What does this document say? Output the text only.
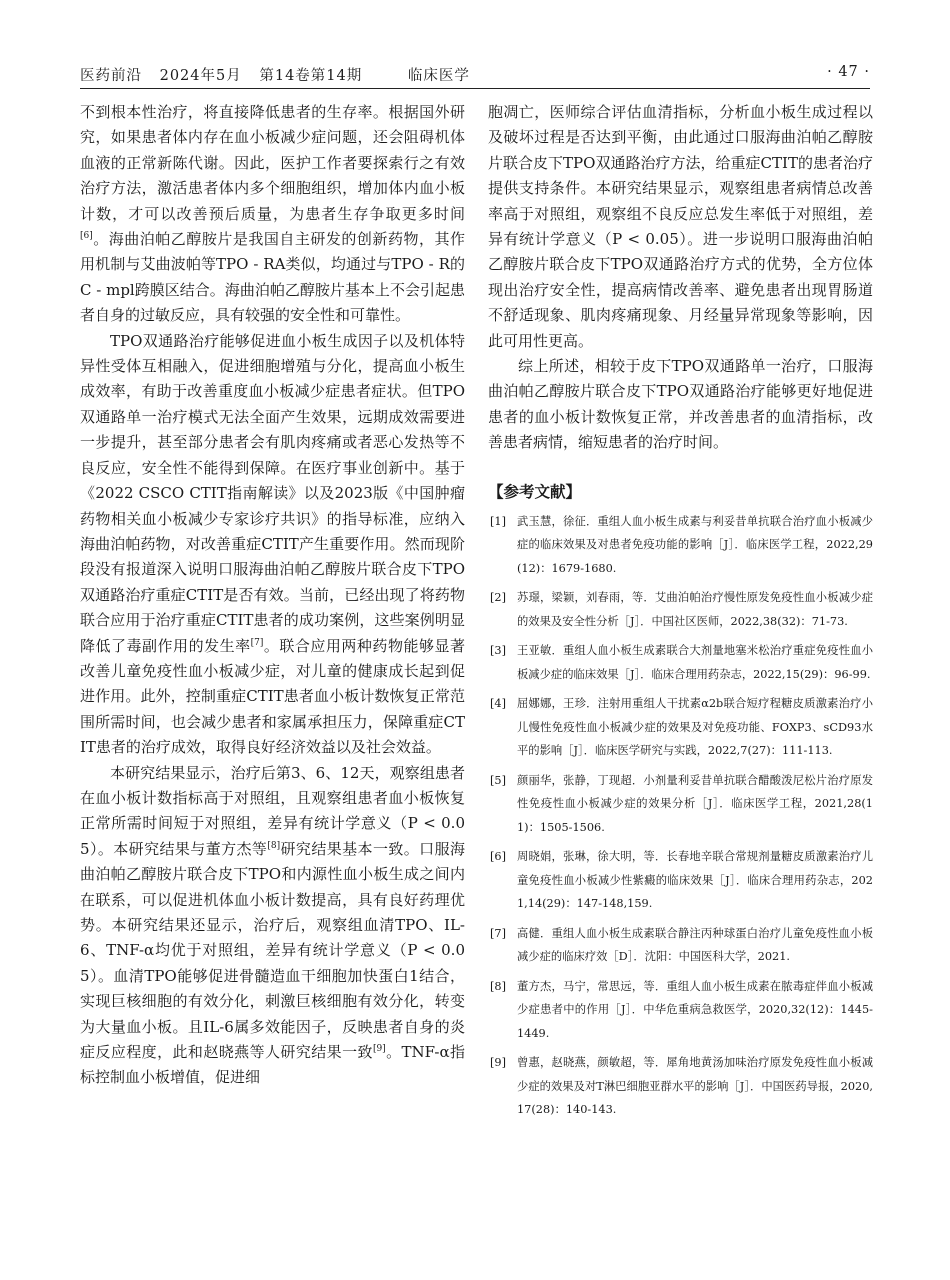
医药前沿 2024年5月 第14卷第14期	临床医学	· 47 ·

不到根本性治疗，将直接降低患者的生存率。根据国外研究，如果患者体内存在血小板减少症问题，还会阻碍机体血液的正常新陈代谢。因此，医护工作者要探索行之有效治疗方法，激活患者体内多个细胞组织，增加体内血小板计数，才可以改善预后质量，为患者生存争取更多时间[6]。海曲泊帕乙醇胺片是我国自主研发的创新药物，其作用机制与艾曲波帕等TPO - RA类似，均通过与TPO - R的C - mpl跨膜区结合。海曲泊帕乙醇胺片基本上不会引起患者自身的过敏反应，具有较强的安全性和可靠性。

TPO双通路治疗能够促进血小板生成因子以及机体特异性受体互相融入，促进细胞增殖与分化，提高血小板生成效率，有助于改善重度血小板减少症患者症状。但TPO双通路单一治疗模式无法全面产生效果，远期成效需要进一步提升，甚至部分患者会有肌肉疼痛或者恶心发热等不良反应，安全性不能得到保障。在医疗事业创新中。基于《2022 CSCO CTIT指南解读》以及2023版《中国肿瘤药物相关血小板减少专家诊疗共识》的指导标准，应纳入海曲泊帕药物，对改善重症CTIT产生重要作用。然而现阶段没有报道深入说明口服海曲泊帕乙醇胺片联合皮下TPO双通路治疗重症CTIT是否有效。当前，已经出现了将药物联合应用于治疗重症CTIT患者的成功案例，这些案例明显降低了毒副作用的发生率[7]。联合应用两种药物能够显著改善儿童免疫性血小板减少症，对儿童的健康成长起到促进作用。此外，控制重症CTIT患者血小板计数恢复正常范围所需时间，也会减少患者和家属承担压力，保障重症CTIT患者的治疗成效，取得良好经济效益以及社会效益。

本研究结果显示，治疗后第3、6、12天，观察组患者在血小板计数指标高于对照组，且观察组患者血小板恢复正常所需时间短于对照组，差异有统计学意义（P < 0.05）。本研究结果与董方杰等[8]研究结果基本一致。口服海曲泊帕乙醇胺片联合皮下TPO和内源性血小板生成之间内在联系，可以促进机体血小板计数提高，具有良好药理优势。本研究结果还显示，治疗后，观察组血清TPO、IL-6、TNF-α均优于对照组，差异有统计学意义（P < 0.05）。血清TPO能够促进骨髓造血干细胞加快蛋白1结合，实现巨核细胞的有效分化，刺激巨核细胞有效分化，转变为大量血小板。且IL-6属多效能因子，反映患者自身的炎症反应程度，此和赵晓燕等人研究结果一致[9]。TNF-α指标控制血小板增值，促进细

胞凋亡，医师综合评估血清指标，分析血小板生成过程以及破坏过程是否达到平衡，由此通过口服海曲泊帕乙醇胺片联合皮下TPO双通路治疗方法，给重症CTIT的患者治疗提供支持条件。本研究结果显示，观察组患者病情总改善率高于对照组，观察组不良反应总发生率低于对照组，差异有统计学意义（P < 0.05）。进一步说明口服海曲泊帕乙醇胺片联合皮下TPO双通路治疗方式的优势，全方位体现出治疗安全性，提高病情改善率、避免患者出现胃肠道不舒适现象、肌肉疼痛现象、月经量异常现象等影响，因此可用性更高。

综上所述，相较于皮下TPO双通路单一治疗，口服海曲泊帕乙醇胺片联合皮下TPO双通路治疗能够更好地促进患者的血小板计数恢复正常，并改善患者的血清指标，改善患者病情，缩短患者的治疗时间。

【参考文献】
[1] 武玉慧，徐征．重组人血小板生成素与利妥昔单抗联合治疗血小板减少症的临床效果及对患者免疫功能的影响［J］．临床医学工程，2022,29(12)：1679-1680.
[2] 苏璟，梁颖，刘春雨，等．艾曲泊帕治疗慢性原发免疫性血小板减少症的效果及安全性分析［J］．中国社区医师，2022,38(32)：71-73.
[3] 王亚敏．重组人血小板生成素联合大剂量地塞米松治疗重症免疫性血小板减少症的临床效果［J］．临床合理用药杂志，2022,15(29)：96-99.
[4] 屈娜娜，王珍．注射用重组人干扰素α2b联合短疗程糖皮质激素治疗小儿慢性免疫性血小板减少症的效果及对免疫功能、FOXP3、sCD93水平的影响［J］．临床医学研究与实践，2022,7(27)：111-113.
[5] 颜丽华，张静，丁现超．小剂量利妥昔单抗联合醋酸泼尼松片治疗原发性免疫性血小板减少症的效果分析［J］．临床医学工程，2021,28(11)：1505-1506.
[6] 周晓娟，张琳，徐大明，等．长春地辛联合常规剂量糖皮质激素治疗儿童免疫性血小板减少性紫癜的临床效果［J］．临床合理用药杂志，2021,14(29)：147-148,159.
[7] 高健．重组人血小板生成素联合静注丙种球蛋白治疗儿童免疫性血小板减少症的临床疗效［D］．沈阳：中国医科大学，2021.
[8] 董方杰，马宁，常思远，等．重组人血小板生成素在脓毒症伴血小板减少症患者中的作用［J］．中华危重病急救医学，2020,32(12)：1445-1449.
[9] 曾惠，赵晓燕，颜敏超，等．犀角地黄汤加味治疗原发免疫性血小板减少症的效果及对T淋巴细胞亚群水平的影响［J］．中国医药导报，2020,17(28)：140-143.
